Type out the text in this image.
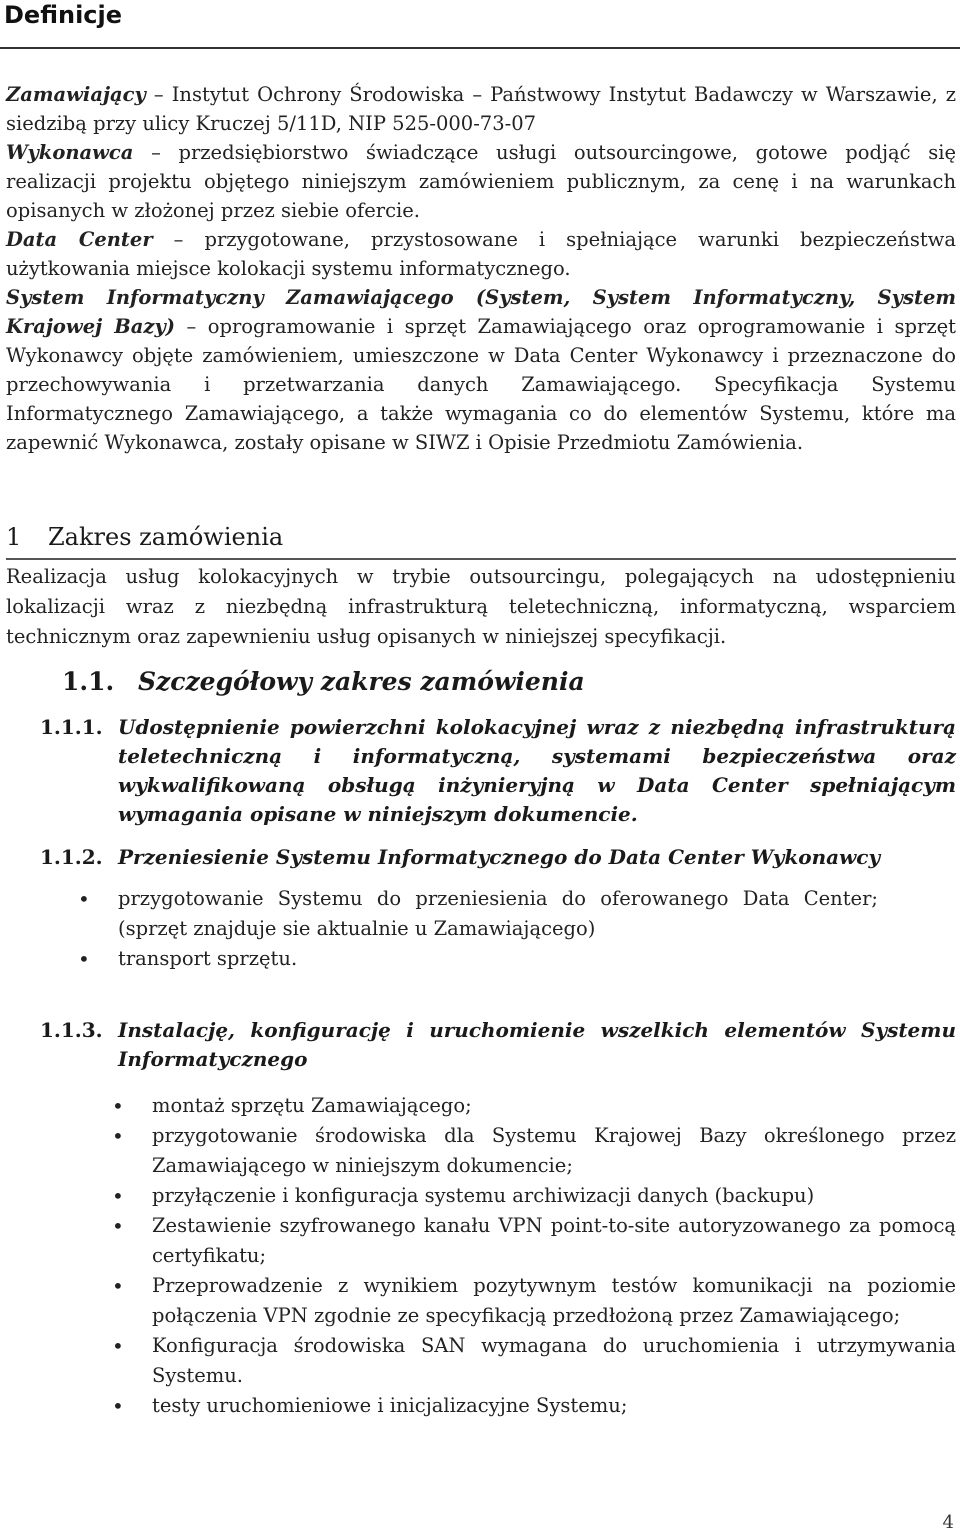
Definicje

Zamawiający – Instytut Ochrony Środowiska – Państwowy Instytut Badawczy w Warszawie, z siedzibą przy ulicy Kruczej 5/11D, NIP 525-000-73-07

Wykonawca – przedsiębiorstwo świadczące usługi outsourcingowe, gotowe podjąć się realizacji projektu objętego niniejszym zamówieniem publicznym, za cenę i na warunkach opisanych w złożonej przez siebie ofercie.

Data Center – przygotowane, przystosowane i spełniające warunki bezpieczeństwa użytkowania miejsce kolokacji systemu informatycznego.

System Informatyczny Zamawiającego (System, System Informatyczny, System Krajowej Bazy) – oprogramowanie i sprzęt Zamawiającego oraz oprogramowanie i sprzęt Wykonawcy objęte zamówieniem, umieszczone w Data Center Wykonawcy i przeznaczone do przechowywania i przetwarzania danych Zamawiającego. Specyfikacja Systemu Informatycznego Zamawiającego, a także wymagania co do elementów Systemu, które ma zapewnić Wykonawca, zostały opisane w SIWZ i Opisie Przedmiotu Zamówienia.

1 Zakres zamówienia

Realizacja usług kolokacyjnych w trybie outsourcingu, polegających na udostępnieniu lokalizacji wraz z niezbędną infrastrukturą teletechniczną, informatyczną, wsparciem technicznym oraz zapewnieniu usług opisanych w niniejszej specyfikacji.

1.1. Szczegółowy zakres zamówienia
1.1.1. Udostępnienie powierzchni kolokacyjnej wraz z niezbędną infrastrukturą teletechniczną i informatyczną, systemami bezpieczeństwa oraz wykwalifikowaną obsługą inżynieryjną w Data Center spełniającym wymagania opisane w niniejszym dokumencie.
1.1.2. Przeniesienie Systemu Informatycznego do Data Center Wykonawcy
• przygotowanie Systemu do przeniesienia do oferowanego Data Center; (sprzęt znajduje sie aktualnie u Zamawiającego)
• transport sprzętu.
1.1.3. Instalację, konfigurację i uruchomienie wszelkich elementów Systemu Informatycznego
• montaż sprzętu Zamawiającego;
• przygotowanie środowiska dla Systemu Krajowej Bazy określonego przez Zamawiającego w niniejszym dokumencie;
• przyłączenie i konfiguracja systemu archiwizacji danych (backupu)
• Zestawienie szyfrowanego kanału VPN point-to-site autoryzowanego za pomocą certyfikatu;
• Przeprowadzenie z wynikiem pozytywnym testów komunikacji na poziomie połączenia VPN zgodnie ze specyfikacją przedłożoną przez Zamawiającego;
• Konfiguracja środowiska SAN wymagana do uruchomienia i utrzymywania Systemu.
• testy uruchomieniowe i inicjalizacyjne Systemu;
4
